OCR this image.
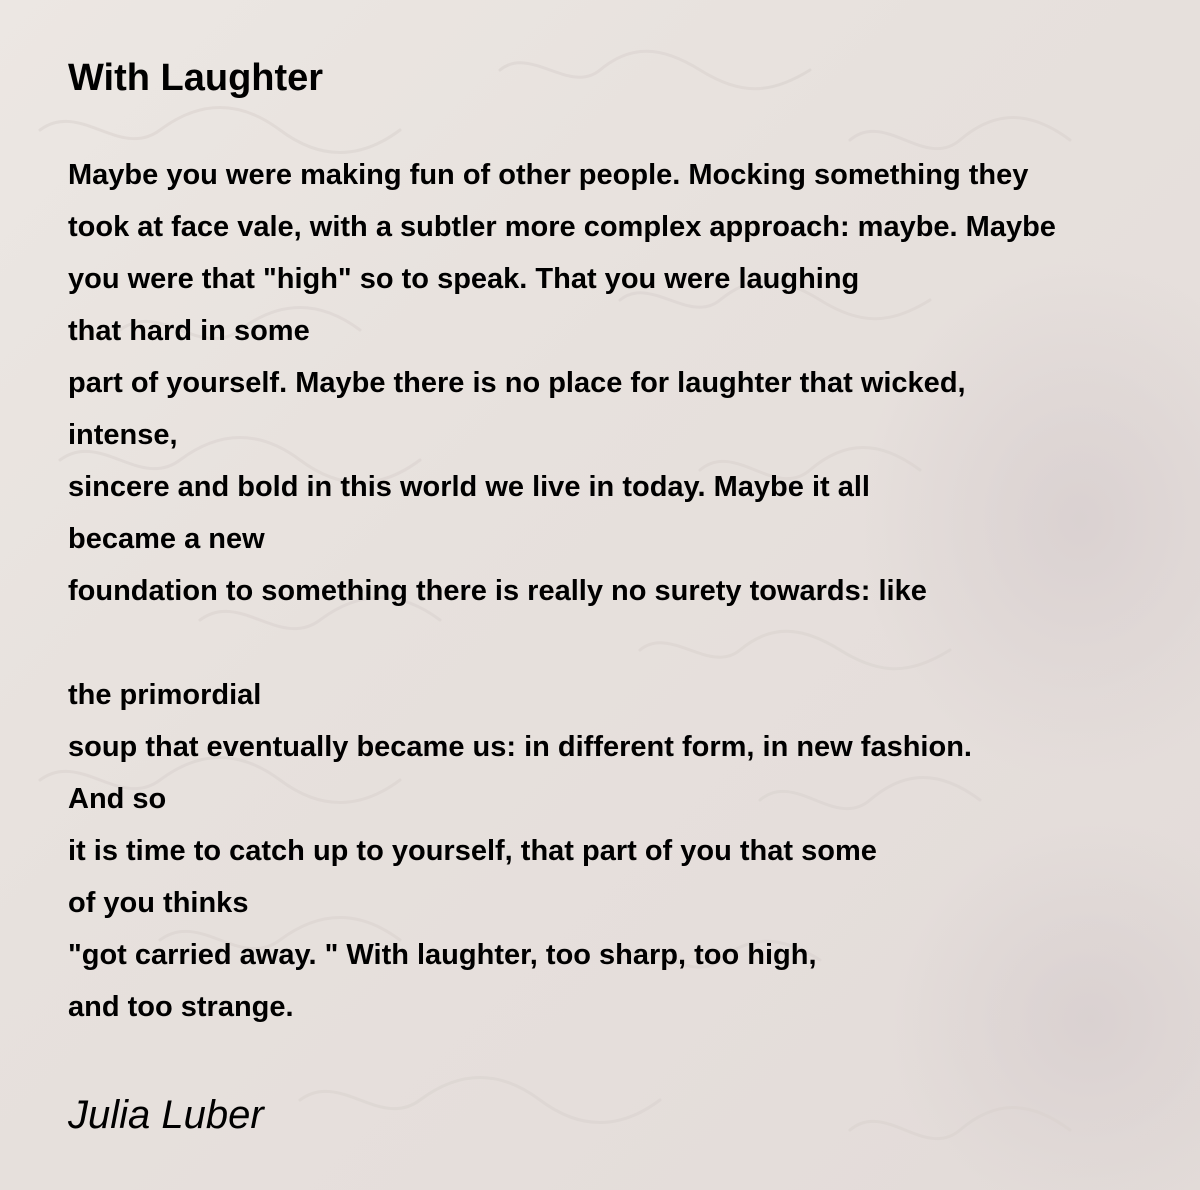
With Laughter
Maybe you were making fun of other people. Mocking something they
took at face vale, with a subtler more complex approach: maybe. Maybe
you were that "high" so to speak. That you were laughing
that hard in some
part of yourself. Maybe there is no place for laughter that wicked,
intense,
sincere and bold in this world we live in today. Maybe it all
became a new
foundation to something there is really no surety towards: like
the primordial
soup that eventually became us: in different form, in new fashion.
And so
it is time to catch up to yourself, that part of you that some
of you thinks
"got carried away. " With laughter, too sharp, too high,
and too strange.
Julia Luber
